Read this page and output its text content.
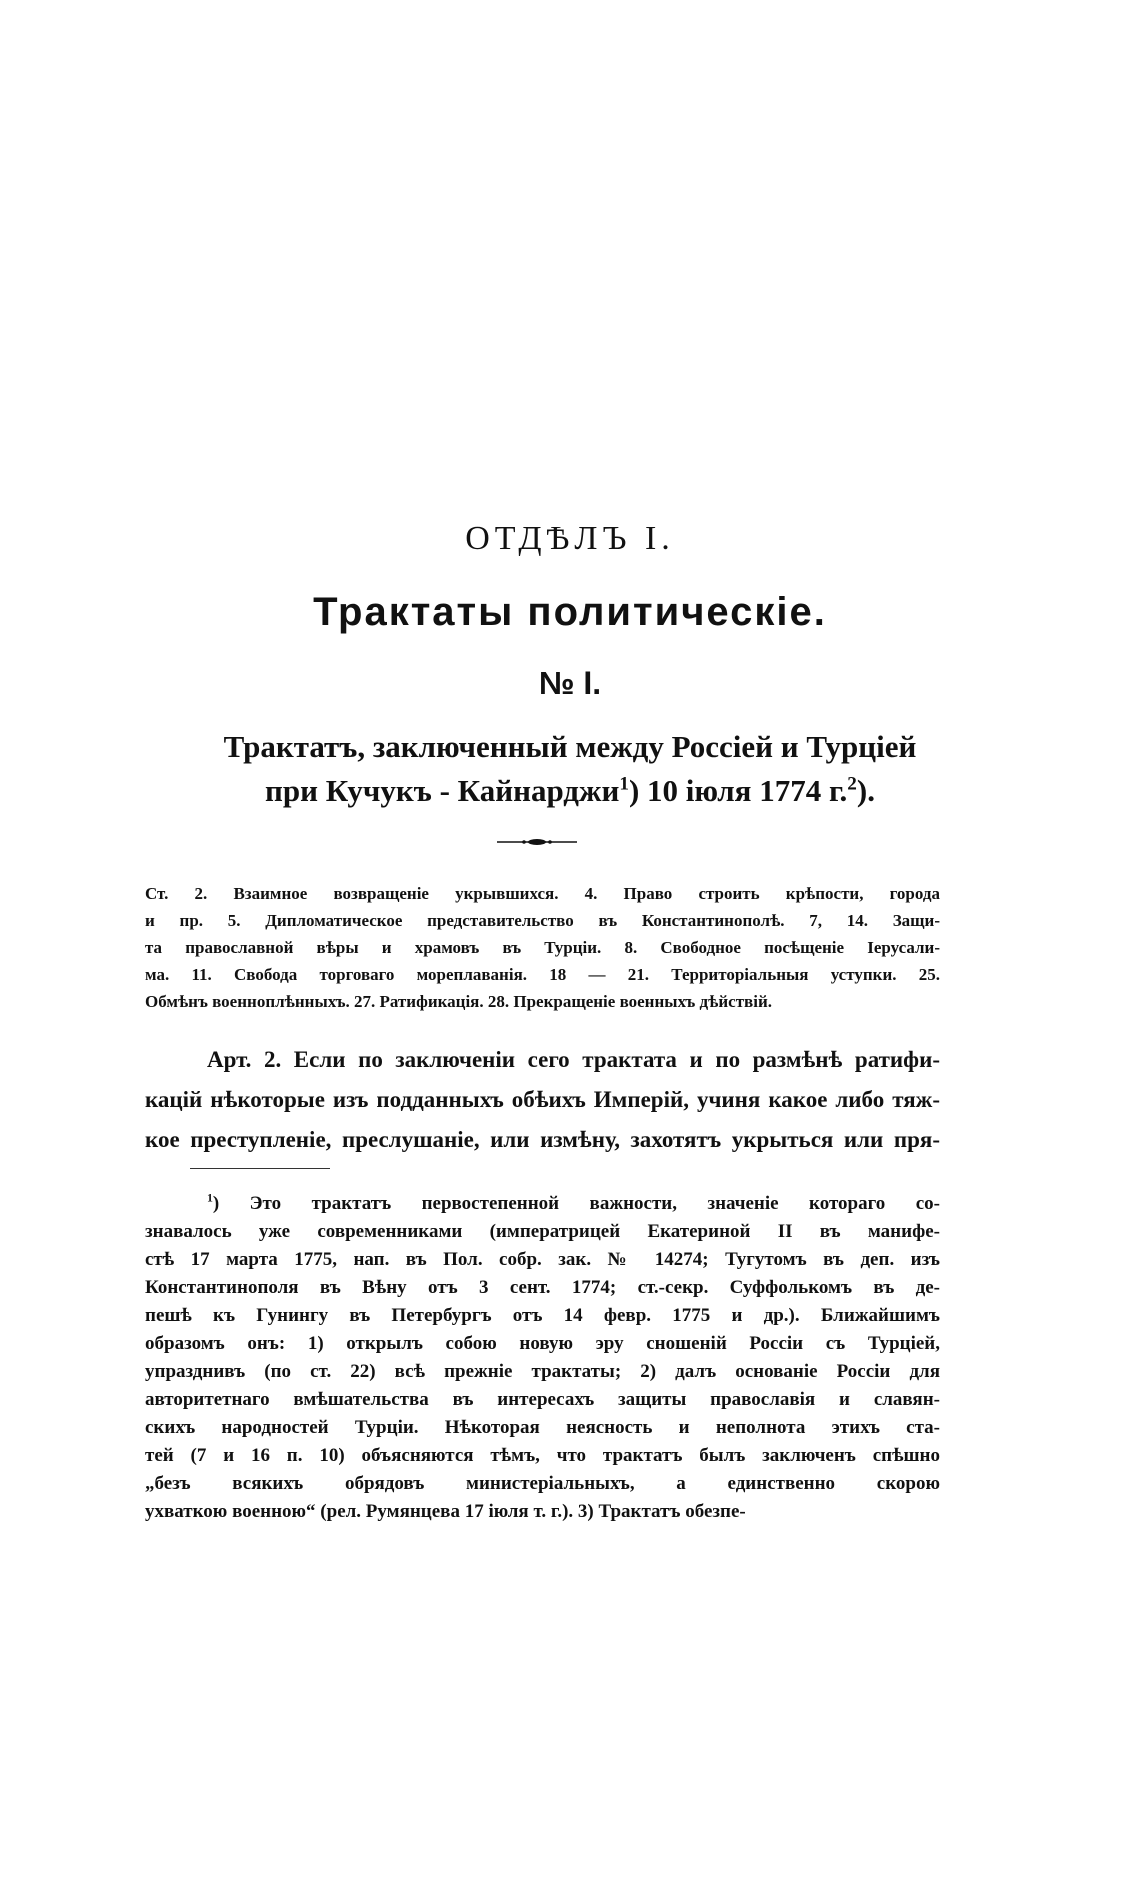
ОТДѢЛЪ I.
Трактаты политическіе.
№ I.
Трактатъ, заключенный между Россіей и Турціей
при Кучукъ - Кайнарджи$^1$) 10 іюля 1774 г.$^2$).
Ст. 2. Взаимное возвращеніе укрывшихся. 4. Право строить крѣпости, города
и пр. 5. Дипломатическое представительство въ Константинополѣ. 7, 14. Защи-
та православной вѣры и храмовъ въ Турціи. 8. Свободное посѣщеніе Іерусали-
ма. 11. Свобода торговаго мореплаванія. 18 — 21. Территоріальныя уступки. 25.
Обмѣнъ военноплѣнныхъ. 27. Ратификація. 28. Прекращеніе военныхъ дѣйствій.
Арт. 2. Если по заключеніи сего трактата и по размѣнѣ ратифи-
кацій нѣкоторые изъ подданныхъ обѣихъ Имперій, учиня какое либо тяж-
кое преступленіе, преслушаніе, или измѣну, захотятъ укрыться или пря-
$^1$) Это трактатъ первостепенной важности, значеніе котораго со-
знавалось уже современниками (императрицей Екатериной II въ манифе-
стѣ 17 марта 1775, нап. въ Пол. собр. зак. № 14274; Тугутомъ въ деп. изъ
Константинополя въ Вѣну отъ 3 сент. 1774; ст.-секр. Суффолькомъ въ де-
пешѣ къ Гунингу въ Петербургъ отъ 14 февр. 1775 и др.). Ближайшимъ
образомъ онъ: 1) открылъ собою новую эру сношеній Россіи съ Турціей,
упразднивъ (по ст. 22) всѣ прежніе трактаты; 2) далъ основаніе Россіи для
авторитетнаго вмѣшательства въ интересахъ защиты православія и славян-
скихъ народностей Турціи. Нѣкоторая неясность и неполнота этихъ ста-
тей (7 и 16 п. 10) объясняются тѣмъ, что трактатъ былъ заключенъ спѣшно
„безъ всякихъ обрядовъ министеріальныхъ, а единственно скорою
ухваткою военною“ (рел. Румянцева 17 іюля т. г.). 3) Трактатъ обезпе-
